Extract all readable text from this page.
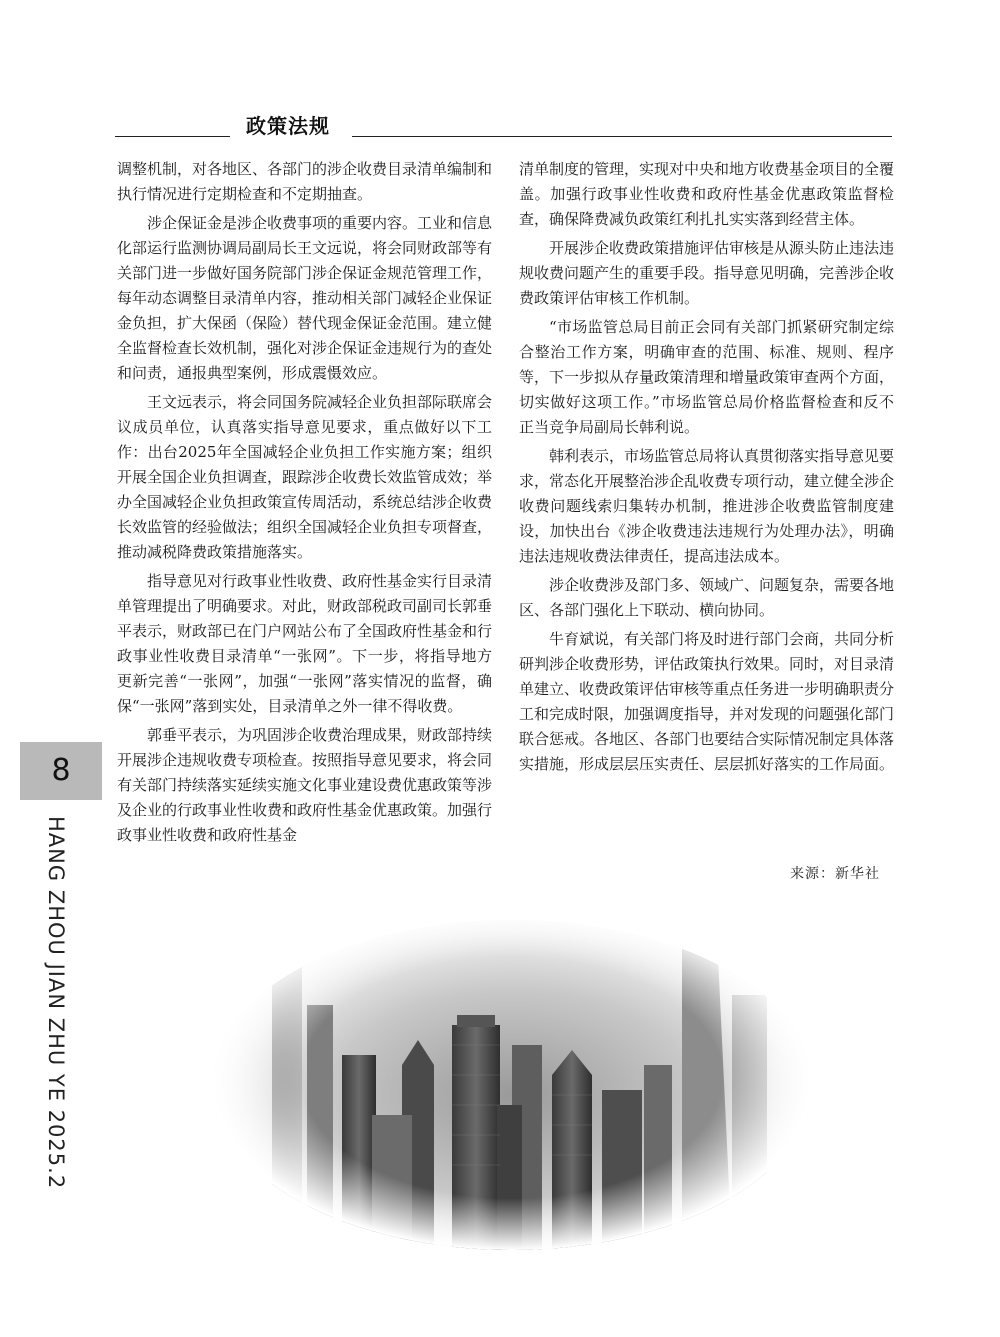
政策法规

调整机制，对各地区、各部门的涉企收费目录清单编制和执行情况进行定期检查和不定期抽查。

涉企保证金是涉企收费事项的重要内容。工业和信息化部运行监测协调局副局长王文远说，将会同财政部等有关部门进一步做好国务院部门涉企保证金规范管理工作，每年动态调整目录清单内容，推动相关部门减轻企业保证金负担，扩大保函（保险）替代现金保证金范围。建立健全监督检查长效机制，强化对涉企保证金违规行为的查处和问责，通报典型案例，形成震慑效应。

王文远表示，将会同国务院减轻企业负担部际联席会议成员单位，认真落实指导意见要求，重点做好以下工作：出台2025年全国减轻企业负担工作实施方案；组织开展全国企业负担调查，跟踪涉企收费长效监管成效；举办全国减轻企业负担政策宣传周活动，系统总结涉企收费长效监管的经验做法；组织全国减轻企业负担专项督查，推动减税降费政策措施落实。

指导意见对行政事业性收费、政府性基金实行目录清单管理提出了明确要求。对此，财政部税政司副司长郭垂平表示，财政部已在门户网站公布了全国政府性基金和行政事业性收费目录清单“一张网”。下一步，将指导地方更新完善“一张网”，加强“一张网”落实情况的监督，确保“一张网”落到实处，目录清单之外一律不得收费。

郭垂平表示，为巩固涉企收费治理成果，财政部持续开展涉企违规收费专项检查。按照指导意见要求，将会同有关部门持续落实延续实施文化事业建设费优惠政策等涉及企业的行政事业性收费和政府性基金优惠政策。加强行政事业性收费和政府性基金

清单制度的管理，实现对中央和地方收费基金项目的全覆盖。加强行政事业性收费和政府性基金优惠政策监督检查，确保降费减负政策红利扎扎实实落到经营主体。

开展涉企收费政策措施评估审核是从源头防止违法违规收费问题产生的重要手段。指导意见明确，完善涉企收费政策评估审核工作机制。

“市场监管总局目前正会同有关部门抓紧研究制定综合整治工作方案，明确审查的范围、标准、规则、程序等，下一步拟从存量政策清理和增量政策审查两个方面，切实做好这项工作。”市场监管总局价格监督检查和反不正当竞争局副局长韩利说。

韩利表示，市场监管总局将认真贯彻落实指导意见要求，常态化开展整治涉企乱收费专项行动，建立健全涉企收费问题线索归集转办机制，推进涉企收费监管制度建设，加快出台《涉企收费违法违规行为处理办法》，明确违法违规收费法律责任，提高违法成本。

涉企收费涉及部门多、领域广、问题复杂，需要各地区、各部门强化上下联动、横向协同。

牛育斌说，有关部门将及时进行部门会商，共同分析研判涉企收费形势，评估政策执行效果。同时，对目录清单建立、收费政策评估审核等重点任务进一步明确职责分工和完成时限，加强调度指导，并对发现的问题强化部门联合惩戒。各地区、各部门也要结合实际情况制定具体落实措施，形成层层压实责任、层层抓好落实的工作局面。

来源：新华社
8
HANG ZHOU JIAN ZHU YE 2025.2
